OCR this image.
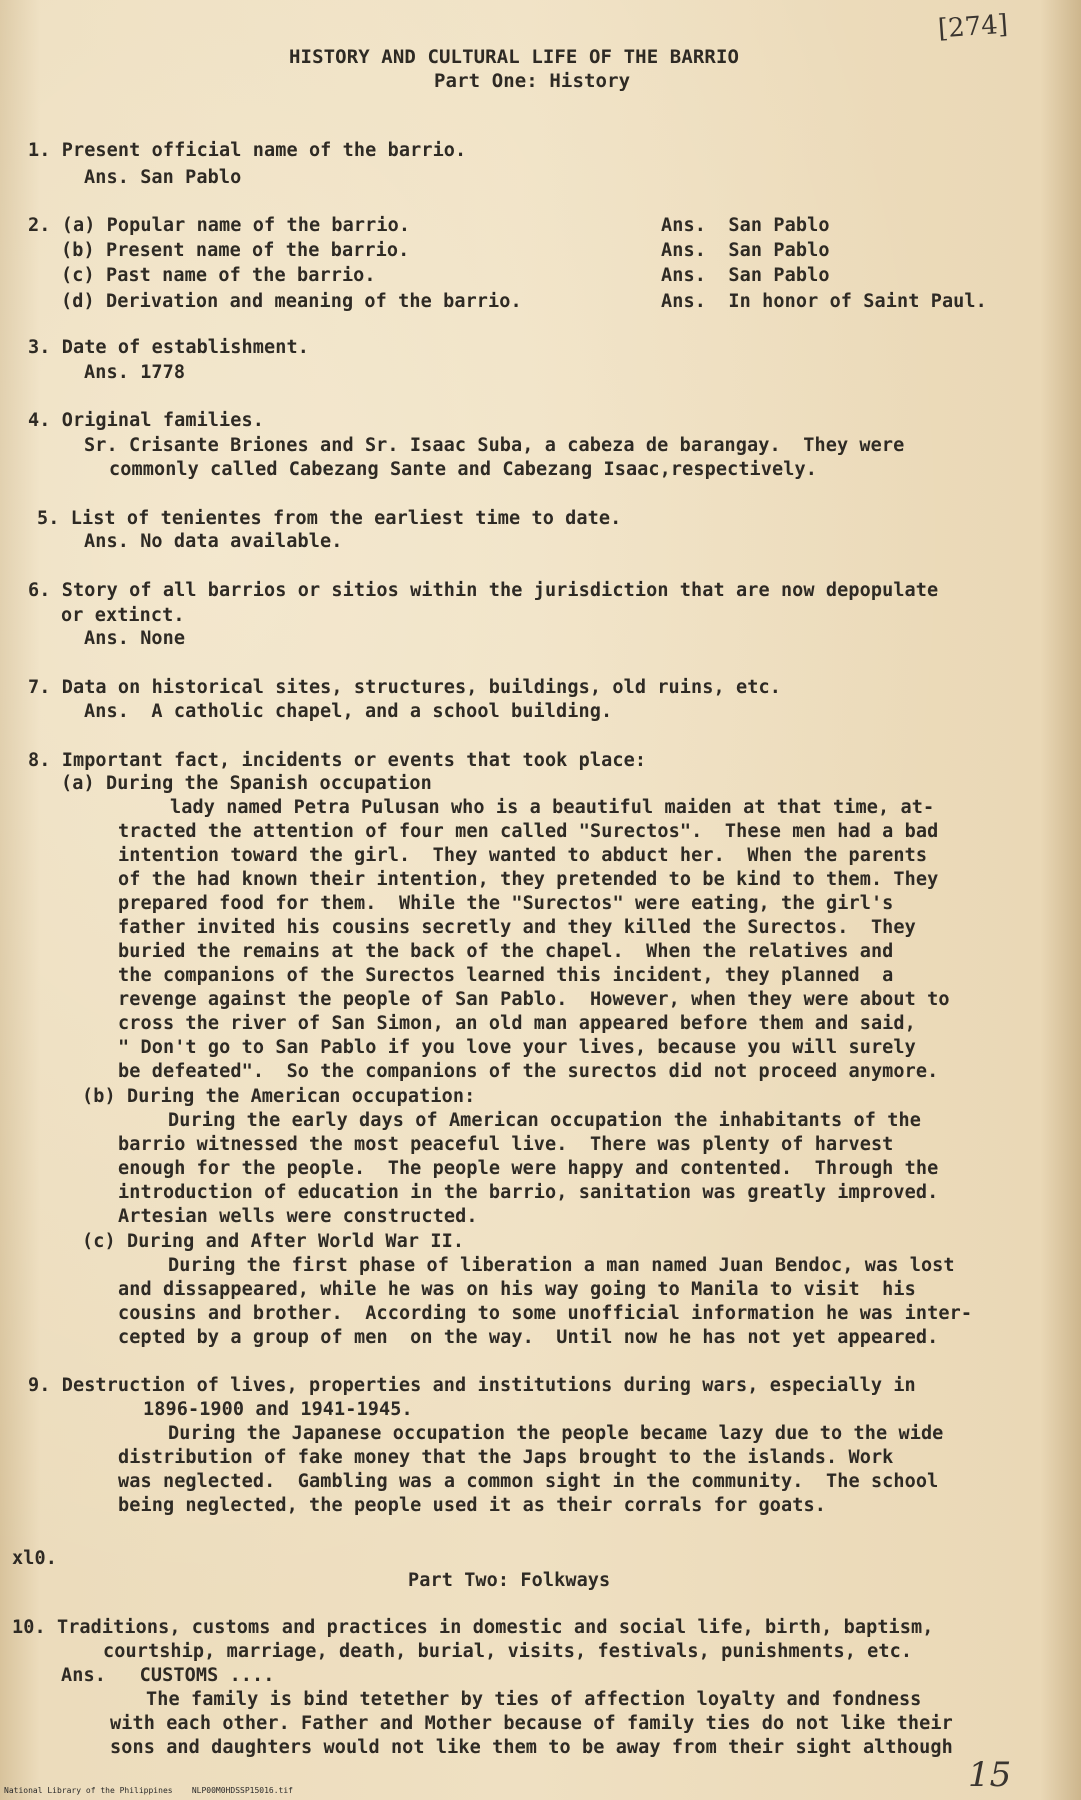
[274]
HISTORY AND CULTURAL LIFE OF THE BARRIO
Part One: History
1. Present official name of the barrio.
Ans. San Pablo
2. (a) Popular name of the barrio.	Ans.  San Pablo
(b) Present name of the barrio.	Ans.  San Pablo
(c) Past name of the barrio.	Ans.  San Pablo
(d) Derivation and meaning of the barrio.	Ans.  In honor of Saint Paul.
3. Date of establishment.
Ans. 1778
4. Original families.
Sr. Crisante Briones and Sr. Isaac Suba, a cabeza de barangay.  They were
commonly called Cabezang Sante and Cabezang Isaac,respectively.
5. List of tenientes from the earliest time to date.
Ans. No data available.
6. Story of all barrios or sitios within the jurisdiction that are now depopulate
or extinct.
Ans. None
7. Data on historical sites, structures, buildings, old ruins, etc.
Ans.  A catholic chapel, and a school building.
8. Important fact, incidents or events that took place:
(a) During the Spanish occupation
lady named Petra Pulusan who is a beautiful maiden at that time, at-
tracted the attention of four men called "Surectos".  These men had a bad
intention toward the girl.  They wanted to abduct her.  When the parents
of the had known their intention, they pretended to be kind to them. They
prepared food for them.  While the "Surectos" were eating, the girl's
father invited his cousins secretly and they killed the Surectos.  They
buried the remains at the back of the chapel.  When the relatives and
the companions of the Surectos learned this incident, they planned  a
revenge against the people of San Pablo.  However, when they were about to
cross the river of San Simon, an old man appeared before them and said,
" Don't go to San Pablo if you love your lives, because you will surely
be defeated".  So the companions of the surectos did not proceed anymore.
(b) During the American occupation:
During the early days of American occupation the inhabitants of the
barrio witnessed the most peaceful live.  There was plenty of harvest
enough for the people.  The people were happy and contented.  Through the
introduction of education in the barrio, sanitation was greatly improved.
Artesian wells were constructed.
(c) During and After World War II.
During the first phase of liberation a man named Juan Bendoc, was lost
and dissappeared, while he was on his way going to Manila to visit  his
cousins and brother.  According to some unofficial information he was inter-
cepted by a group of men  on the way.  Until now he has not yet appeared.
9. Destruction of lives, properties and institutions during wars, especially in
1896-1900 and 1941-1945.
During the Japanese occupation the people became lazy due to the wide
distribution of fake money that the Japs brought to the islands. Work
was neglected.  Gambling was a common sight in the community.  The school
being neglected, the people used it as their corrals for goats.
xl0.
Part Two: Folkways
10. Traditions, customs and practices in domestic and social life, birth, baptism,
courtship, marriage, death, burial, visits, festivals, punishments, etc.
Ans.   CUSTOMS ....
The family is bind tetether by ties of affection loyalty and fondness
with each other. Father and Mother because of family ties do not like their
sons and daughters would not like them to be away from their sight although
15
National Library of the Philippines    NLP00M0HDSSP15016.tif
